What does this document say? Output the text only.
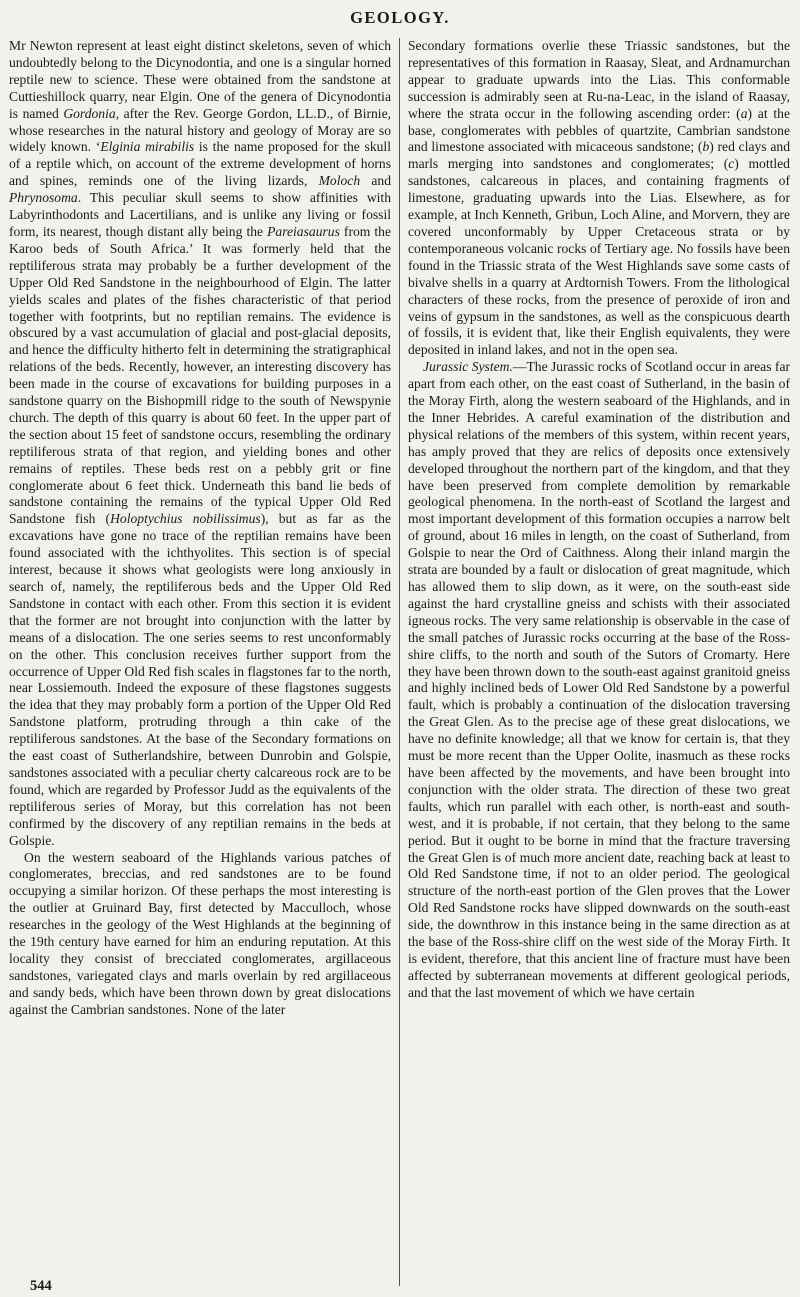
GEOLOGY.

Mr Newton represent at least eight distinct skeletons, seven of which undoubtedly belong to the Dicynodontia, and one is a singular horned reptile new to science. These were obtained from the sandstone at Cuttieshillock quarry, near Elgin. One of the genera of Dicynodontia is named Gordonia, after the Rev. George Gordon, LL.D., of Birnie, whose researches in the natural history and geology of Moray are so widely known. ‘Elginia mirabilis is the name proposed for the skull of a reptile which, on account of the extreme development of horns and spines, reminds one of the living lizards, Moloch and Phrynosoma. This peculiar skull seems to show affinities with Labyrinthodonts and Lacertilians, and is unlike any living or fossil form, its nearest, though distant ally being the Pareiasaurus from the Karoo beds of South Africa.’ It was formerly held that the reptiliferous strata may probably be a further development of the Upper Old Red Sandstone in the neighbourhood of Elgin. The latter yields scales and plates of the fishes characteristic of that period together with footprints, but no reptilian remains. The evidence is obscured by a vast accumulation of glacial and post-glacial deposits, and hence the difficulty hitherto felt in determining the stratigraphical relations of the beds. Recently, however, an interesting discovery has been made in the course of excavations for building purposes in a sandstone quarry on the Bishopmill ridge to the south of Newspynie church. The depth of this quarry is about 60 feet. In the upper part of the section about 15 feet of sandstone occurs, resembling the ordinary reptiliferous strata of that region, and yielding bones and other remains of reptiles. These beds rest on a pebbly grit or fine conglomerate about 6 feet thick. Underneath this band lie beds of sandstone containing the remains of the typical Upper Old Red Sandstone fish (Holoptychius nobilissimus), but as far as the excavations have gone no trace of the reptilian remains have been found associated with the ichthyolites. This section is of special interest, because it shows what geologists were long anxiously in search of, namely, the reptiliferous beds and the Upper Old Red Sandstone in contact with each other. From this section it is evident that the former are not brought into conjunction with the latter by means of a dislocation. The one series seems to rest unconformably on the other. This conclusion receives further support from the occurrence of Upper Old Red fish scales in flagstones far to the north, near Lossiemouth. Indeed the exposure of these flagstones suggests the idea that they may probably form a portion of the Upper Old Red Sandstone platform, protruding through a thin cake of the reptiliferous sandstones. At the base of the Secondary formations on the east coast of Sutherlandshire, between Dunrobin and Golspie, sandstones associated with a peculiar cherty calcareous rock are to be found, which are regarded by Professor Judd as the equivalents of the reptiliferous series of Moray, but this correlation has not been confirmed by the discovery of any reptilian remains in the beds at Golspie.

On the western seaboard of the Highlands various patches of conglomerates, breccias, and red sandstones are to be found occupying a similar horizon. Of these perhaps the most interesting is the outlier at Gruinard Bay, first detected by Macculloch, whose researches in the geology of the West Highlands at the beginning of the 19th century have earned for him an enduring reputation. At this locality they consist of brecciated conglomerates, argillaceous sandstones, variegated clays and marls overlain by red argillaceous and sandy beds, which have been thrown down by great dislocations against the Cambrian sandstones. None of the later

Secondary formations overlie these Triassic sandstones, but the representatives of this formation in Raasay, Sleat, and Ardnamurchan appear to graduate upwards into the Lias. This conformable succession is admirably seen at Ru-na-Leac, in the island of Raasay, where the strata occur in the following ascending order: (a) at the base, conglomerates with pebbles of quartzite, Cambrian sandstone and limestone associated with micaceous sandstone; (b) red clays and marls merging into sandstones and conglomerates; (c) mottled sandstones, calcareous in places, and containing fragments of limestone, graduating upwards into the Lias. Elsewhere, as for example, at Inch Kenneth, Gribun, Loch Aline, and Morvern, they are covered unconformably by Upper Cretaceous strata or by contemporaneous volcanic rocks of Tertiary age. No fossils have been found in the Triassic strata of the West Highlands save some casts of bivalve shells in a quarry at Ardtornish Towers. From the lithological characters of these rocks, from the presence of peroxide of iron and veins of gypsum in the sandstones, as well as the conspicuous dearth of fossils, it is evident that, like their English equivalents, they were deposited in inland lakes, and not in the open sea.

Jurassic System.—The Jurassic rocks of Scotland occur in areas far apart from each other, on the east coast of Sutherland, in the basin of the Moray Firth, along the western seaboard of the Highlands, and in the Inner Hebrides. A careful examination of the distribution and physical relations of the members of this system, within recent years, has amply proved that they are relics of deposits once extensively developed throughout the northern part of the kingdom, and that they have been preserved from complete demolition by remarkable geological phenomena. In the north-east of Scotland the largest and most important development of this formation occupies a narrow belt of ground, about 16 miles in length, on the coast of Sutherland, from Golspie to near the Ord of Caithness. Along their inland margin the strata are bounded by a fault or dislocation of great magnitude, which has allowed them to slip down, as it were, on the south-east side against the hard crystalline gneiss and schists with their associated igneous rocks. The very same relationship is observable in the case of the small patches of Jurassic rocks occurring at the base of the Ross-shire cliffs, to the north and south of the Sutors of Cromarty. Here they have been thrown down to the south-east against granitoid gneiss and highly inclined beds of Lower Old Red Sandstone by a powerful fault, which is probably a continuation of the dislocation traversing the Great Glen. As to the precise age of these great dislocations, we have no definite knowledge; all that we know for certain is, that they must be more recent than the Upper Oolite, inasmuch as these rocks have been affected by the movements, and have been brought into conjunction with the older strata. The direction of these two great faults, which run parallel with each other, is north-east and south-west, and it is probable, if not certain, that they belong to the same period. But it ought to be borne in mind that the fracture traversing the Great Glen is of much more ancient date, reaching back at least to Old Red Sandstone time, if not to an older period. The geological structure of the north-east portion of the Glen proves that the Lower Old Red Sandstone rocks have slipped downwards on the south-east side, the downthrow in this instance being in the same direction as at the base of the Ross-shire cliff on the west side of the Moray Firth. It is evident, therefore, that this ancient line of fracture must have been affected by subterranean movements at different geological periods, and that the last movement of which we have certain

544
